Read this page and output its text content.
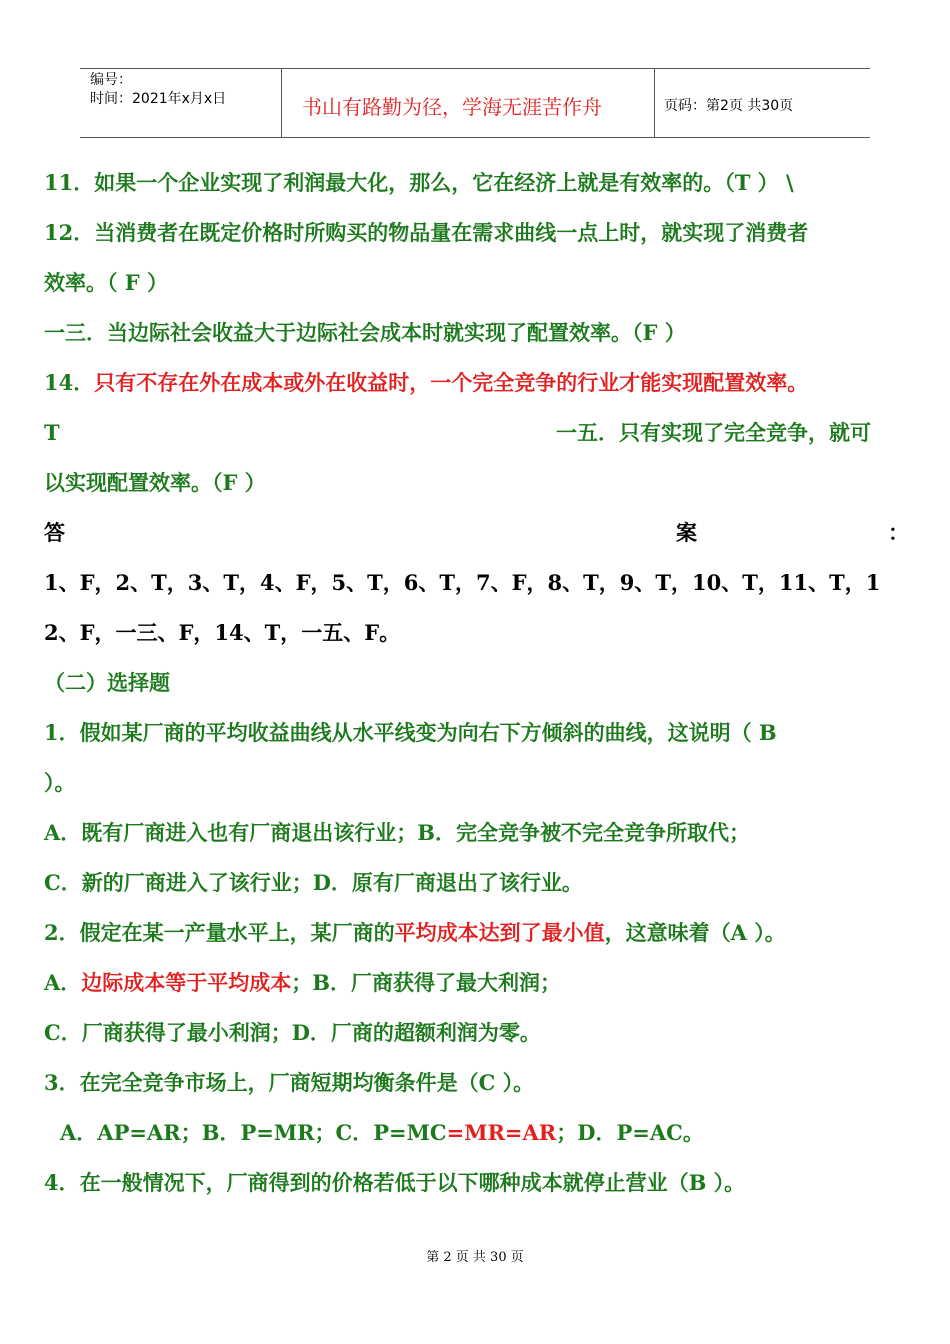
编号：
时间：2021年x月x日	书山有路勤为径，学海无涯苦作舟	页码：第2页 共30页
11．如果一个企业实现了利润最大化，那么，它在经济上就是有效率的。（T ） \
12．当消费者在既定价格时所购买的物品量在需求曲线一点上时，就实现了消费者
效率。（ F ）
一三．当边际社会收益大于边际社会成本时就实现了配置效率。（F ）
14．只有不存在外在成本或外在收益时，一个完全竞争的行业才能实现配置效率。
T	一五．只有实现了完全竞争，就可
以实现配置效率。（F ）
答	案	：
1、F，2、T，3、T，4、F，5、T，6、T，7、F，8、T，9、T，10、T，11、T，1
2、F，一三、F，14、T，一五、F。
（二）选择题
1．假如某厂商的平均收益曲线从水平线变为向右下方倾斜的曲线，这说明（ B
）。
A．既有厂商进入也有厂商退出该行业；B．完全竞争被不完全竞争所取代；
C．新的厂商进入了该行业；D．原有厂商退出了该行业。
2．假定在某一产量水平上，某厂商的平均成本达到了最小值，这意味着（A ）。
A．边际成本等于平均成本；B．厂商获得了最大利润；
C．厂商获得了最小利润；D．厂商的超额利润为零。
3．在完全竞争市场上，厂商短期均衡条件是（C ）。
A．AP=AR；B．P=MR；C．P=MC=MR=AR；D．P=AC。
4．在一般情况下，厂商得到的价格若低于以下哪种成本就停止营业（B ）。
第 2 页 共 30 页
